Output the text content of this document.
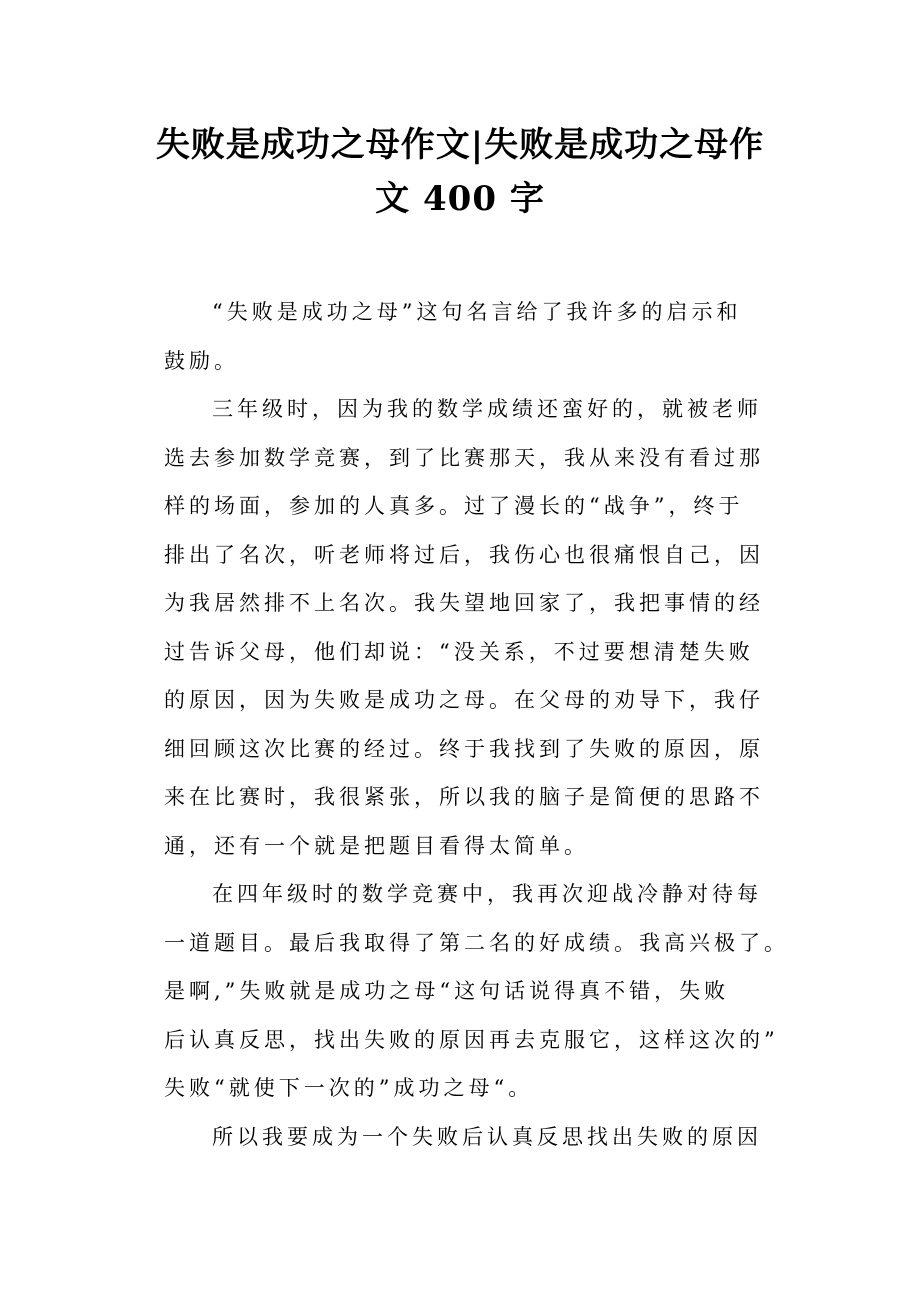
失败是成功之母作文|失败是成功之母作
文 400 字
“失败是成功之母”这句名言给了我许多的启示和
鼓励。
三年级时，因为我的数学成绩还蛮好的，就被老师
选去参加数学竞赛，到了比赛那天，我从来没有看过那
样的场面，参加的人真多。过了漫长的“战争”，终于
排出了名次，听老师将过后，我伤心也很痛恨自己，因
为我居然排不上名次。我失望地回家了，我把事情的经
过告诉父母，他们却说：“没关系，不过要想清楚失败
的原因，因为失败是成功之母。在父母的劝导下，我仔
细回顾这次比赛的经过。终于我找到了失败的原因，原
来在比赛时，我很紧张，所以我的脑子是简便的思路不
通，还有一个就是把题目看得太简单。
在四年级时的数学竞赛中，我再次迎战冷静对待每
一道题目。最后我取得了第二名的好成绩。我高兴极了。
是啊,”失败就是成功之母“这句话说得真不错，失败
后认真反思，找出失败的原因再去克服它，这样这次的”
失败“就使下一次的”成功之母“。
所以我要成为一个失败后认真反思找出失败的原因
